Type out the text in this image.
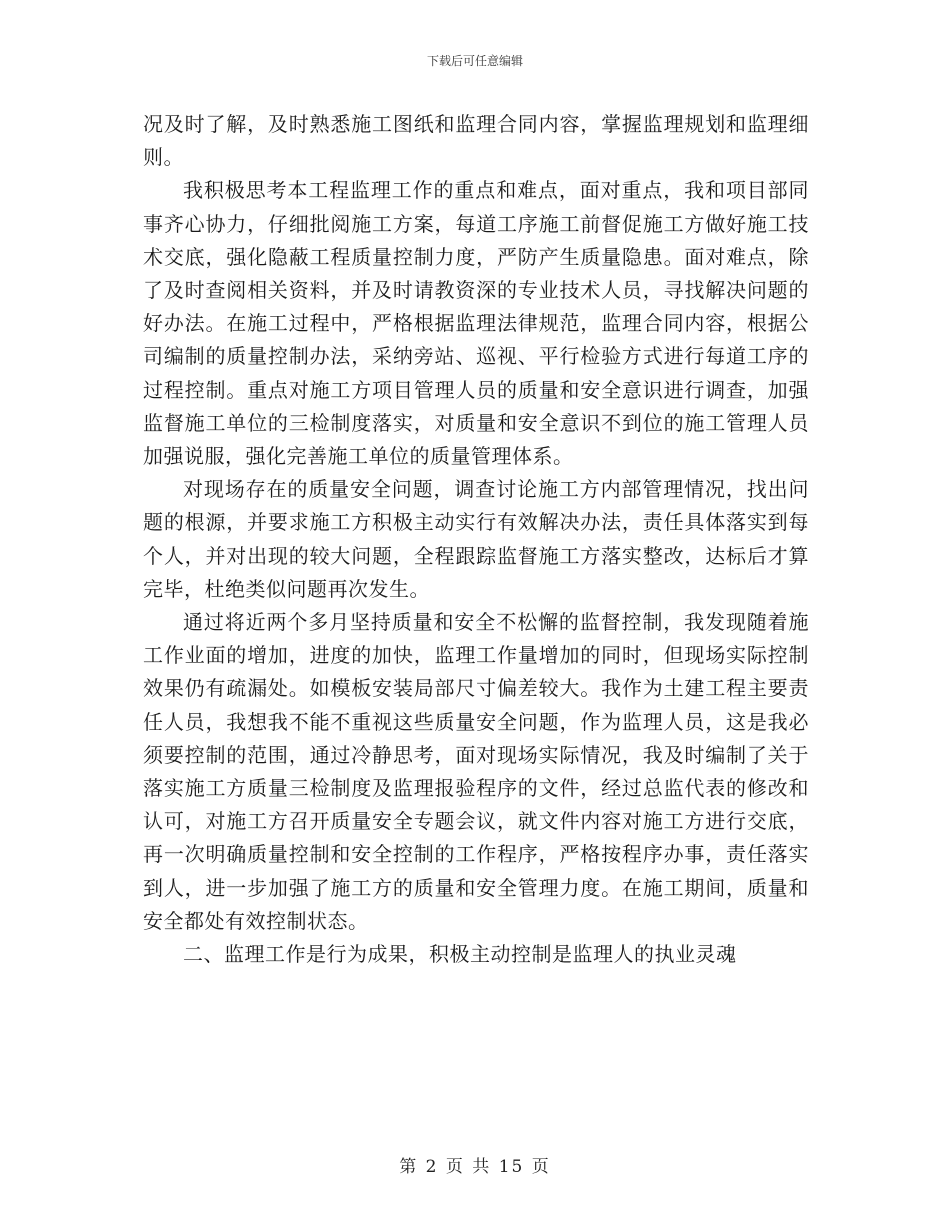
下载后可任意编辑

况及时了解，及时熟悉施工图纸和监理合同内容，掌握监理规划和监理细则。

我积极思考本工程监理工作的重点和难点，面对重点，我和项目部同事齐心协力，仔细批阅施工方案，每道工序施工前督促施工方做好施工技术交底，强化隐蔽工程质量控制力度，严防产生质量隐患。面对难点，除了及时查阅相关资料，并及时请教资深的专业技术人员，寻找解决问题的好办法。在施工过程中，严格根据监理法律规范，监理合同内容，根据公司编制的质量控制办法，采纳旁站、巡视、平行检验方式进行每道工序的过程控制。重点对施工方项目管理人员的质量和安全意识进行调查，加强监督施工单位的三检制度落实，对质量和安全意识不到位的施工管理人员加强说服，强化完善施工单位的质量管理体系。

对现场存在的质量安全问题，调查讨论施工方内部管理情况，找出问题的根源，并要求施工方积极主动实行有效解决办法，责任具体落实到每个人，并对出现的较大问题，全程跟踪监督施工方落实整改，达标后才算完毕，杜绝类似问题再次发生。

通过将近两个多月坚持质量和安全不松懈的监督控制，我发现随着施工作业面的增加，进度的加快，监理工作量增加的同时，但现场实际控制效果仍有疏漏处。如模板安装局部尺寸偏差较大。我作为土建工程主要责任人员，我想我不能不重视这些质量安全问题，作为监理人员，这是我必须要控制的范围，通过冷静思考，面对现场实际情况，我及时编制了关于落实施工方质量三检制度及监理报验程序的文件，经过总监代表的修改和认可，对施工方召开质量安全专题会议，就文件内容对施工方进行交底，再一次明确质量控制和安全控制的工作程序，严格按程序办事，责任落实到人，进一步加强了施工方的质量和安全管理力度。在施工期间，质量和安全都处有效控制状态。

二、监理工作是行为成果，积极主动控制是监理人的执业灵魂

第 2 页 共 15 页
